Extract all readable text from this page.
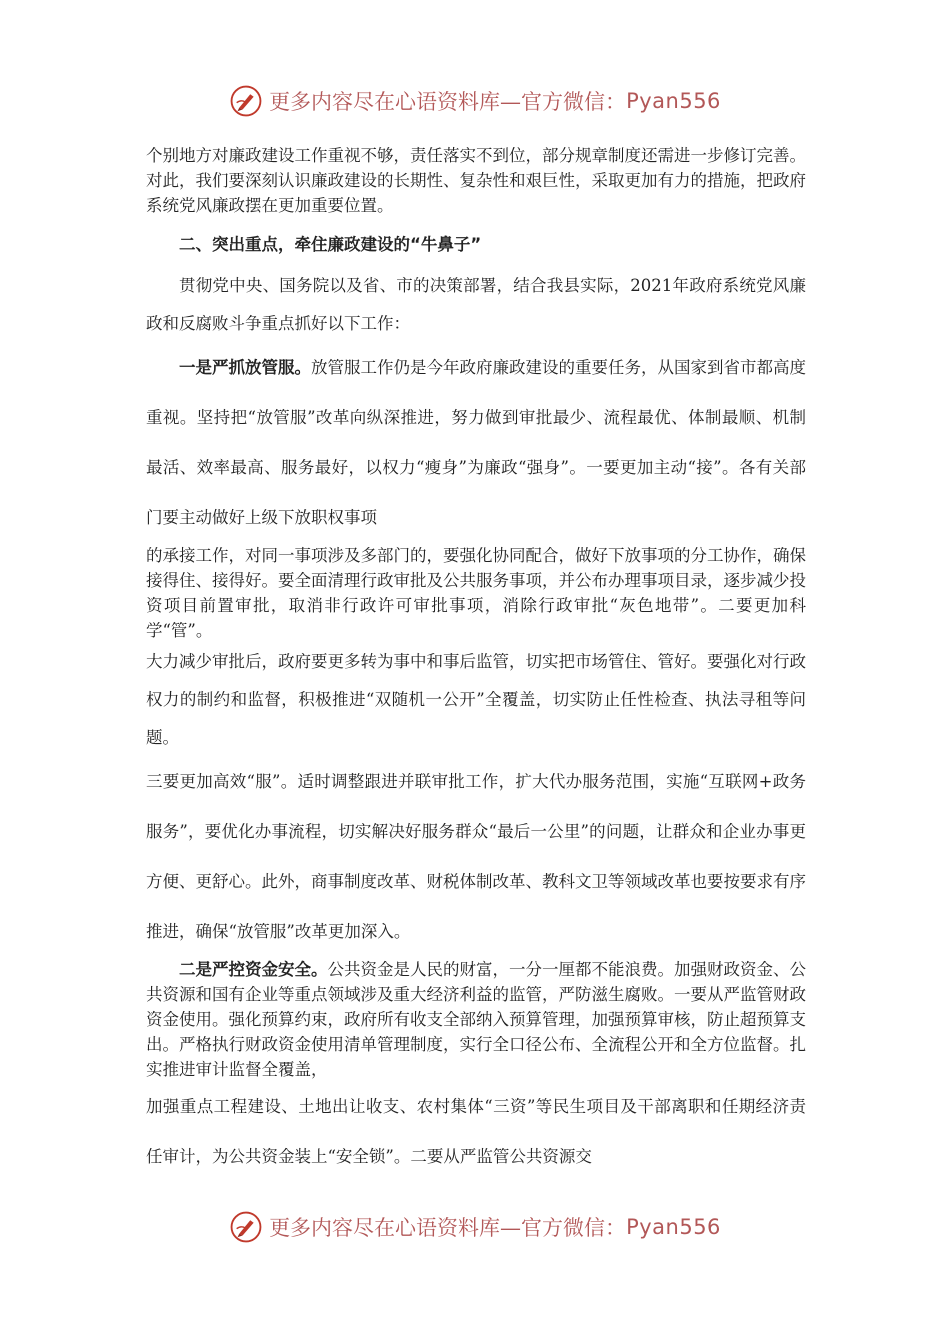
更多内容尽在心语资料库—官方微信： Pyan556

个别地方对廉政建设工作重视不够，责任落实不到位，部分规章制度还需进一步修订完善。对此，我们要深刻认识廉政建设的长期性、复杂性和艰巨性，采取更加有力的措施，把政府系统党风廉政摆在更加重要位置。

二、突出重点，牵住廉政建设的“牛鼻子”

贯彻党中央、国务院以及省、市的决策部署，结合我县实际，2021年政府系统党风廉政和反腐败斗争重点抓好以下工作：

一是严抓放管服。放管服工作仍是今年政府廉政建设的重要任务，从国家到省市都高度重视。坚持把“放管服”改革向纵深推进，努力做到审批最少、流程最优、体制最顺、机制最活、效率最高、服务最好，以权力“瘦身”为廉政“强身”。一要更加主动“接”。各有关部门要主动做好上级下放职权事项

的承接工作，对同一事项涉及多部门的，要强化协同配合，做好下放事项的分工协作，确保接得住、接得好。要全面清理行政审批及公共服务事项，并公布办理事项目录，逐步减少投资项目前置审批，取消非行政许可审批事项，消除行政审批“灰色地带”。二要更加科学“管”。

大力减少审批后，政府要更多转为事中和事后监管，切实把市场管住、管好。要强化对行政权力的制约和监督，积极推进“双随机一公开”全覆盖，切实防止任性检查、执法寻租等问题。

三要更加高效“服”。适时调整跟进并联审批工作，扩大代办服务范围，实施“互联网+政务服务”，要优化办事流程，切实解决好服务群众“最后一公里”的问题，让群众和企业办事更方便、更舒心。此外，商事制度改革、财税体制改革、教科文卫等领域改革也要按要求有序推进，确保“放管服”改革更加深入。

二是严控资金安全。公共资金是人民的财富，一分一厘都不能浪费。加强财政资金、公共资源和国有企业等重点领域涉及重大经济利益的监管，严防滋生腐败。一要从严监管财政资金使用。强化预算约束，政府所有收支全部纳入预算管理，加强预算审核，防止超预算支出。严格执行财政资金使用清单管理制度，实行全口径公布、全流程公开和全方位监督。扎实推进审计监督全覆盖，

加强重点工程建设、土地出让收支、农村集体“三资”等民生项目及干部离职和任期经济责任审计，为公共资金装上“安全锁”。二要从严监管公共资源交

更多内容尽在心语资料库—官方微信： Pyan556
